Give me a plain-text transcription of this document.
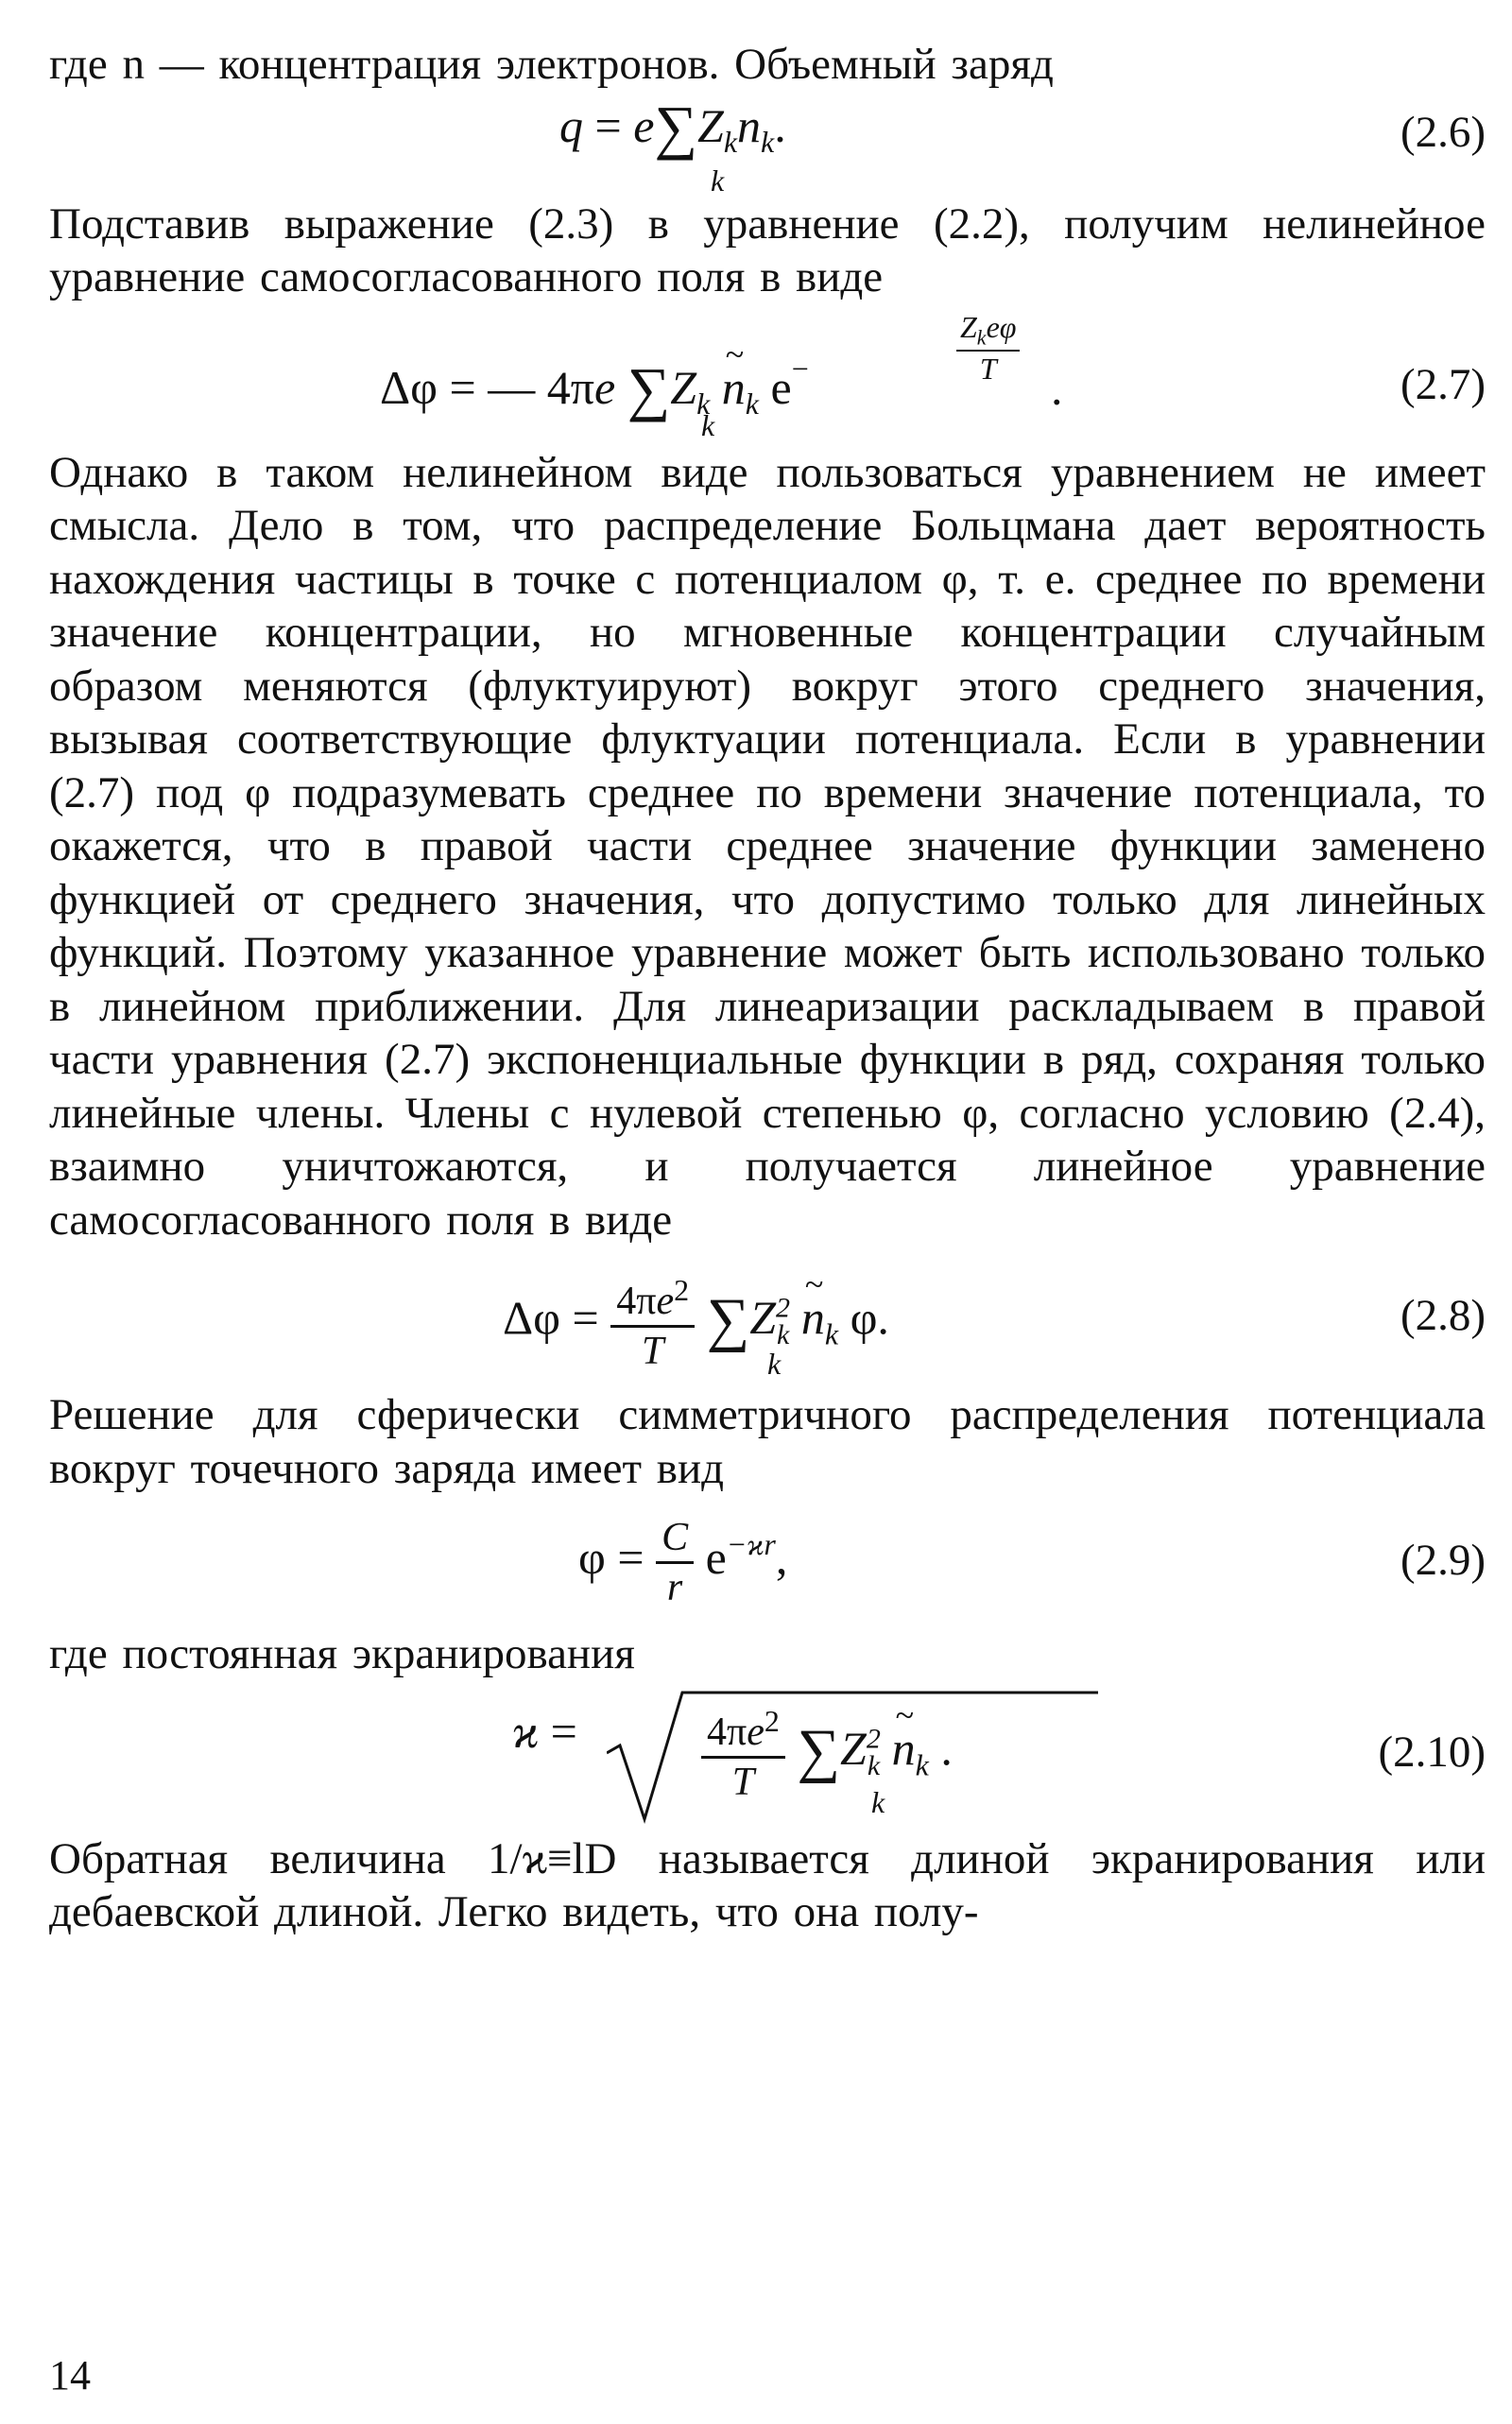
где n — концентрация электронов. Объемный заряд

$q = e\sum Z_kn_k$.
k
(2.6)

Подставив выражение (2.3) в уравнение (2.2), получим нелинейное уравнение самосогласованного поля в виде

Δφ = — 4πe $\sum Z_k$ ~ $n_k$ e−
$Z_ke\varphi$
T	.
k
(2.7)

Однако в таком нелинейном виде пользоваться уравнением не имеет смысла. Дело в том, что распределение Больцмана дает вероятность нахождения частицы в точке с потенциалом φ, т. е. среднее по времени значение концентрации, но мгновенные концентрации случайным образом меняются (флуктуируют) вокруг этого среднего значения, вызывая соответствующие флуктуации потенциала. Если в уравнении (2.7) под φ подразумевать среднее по времени значение потенциала, то окажется, что в правой части среднее значение функции заменено функцией от среднего значения, что допустимо только для линейных функций. Поэтому указанное уравнение может быть использовано только в линейном приближении. Для линеаризации раскладываем в правой части уравнения (2.7) экспоненциальные функции в ряд, сохраняя только линейные члены. Члены с нулевой степенью φ, согласно условию (2.4), взаимно уничтожаются, и получается линейное уравнение самосогласованного поля в виде

$\Delta\varphi = \frac{4\pi e^2}{T} \sum Z^2_k$ ~ $n_k$ φ.
k
(2.8)

Решение для сферически симметричного распределения потенциала вокруг точечного заряда имеет вид

$\varphi = \frac{C}{r} e^{-ϰr}$,	(2.9)

где постоянная экранирования

ϰ =	$\frac{4\pi e^2}{T} \sum Z^2_k$ ~ $n_k$ .
k
(2.10)

Обратная величина 1/ϰ≡lD называется длиной экранирования или дебаевской длиной. Легко видеть, что она полу-

14
